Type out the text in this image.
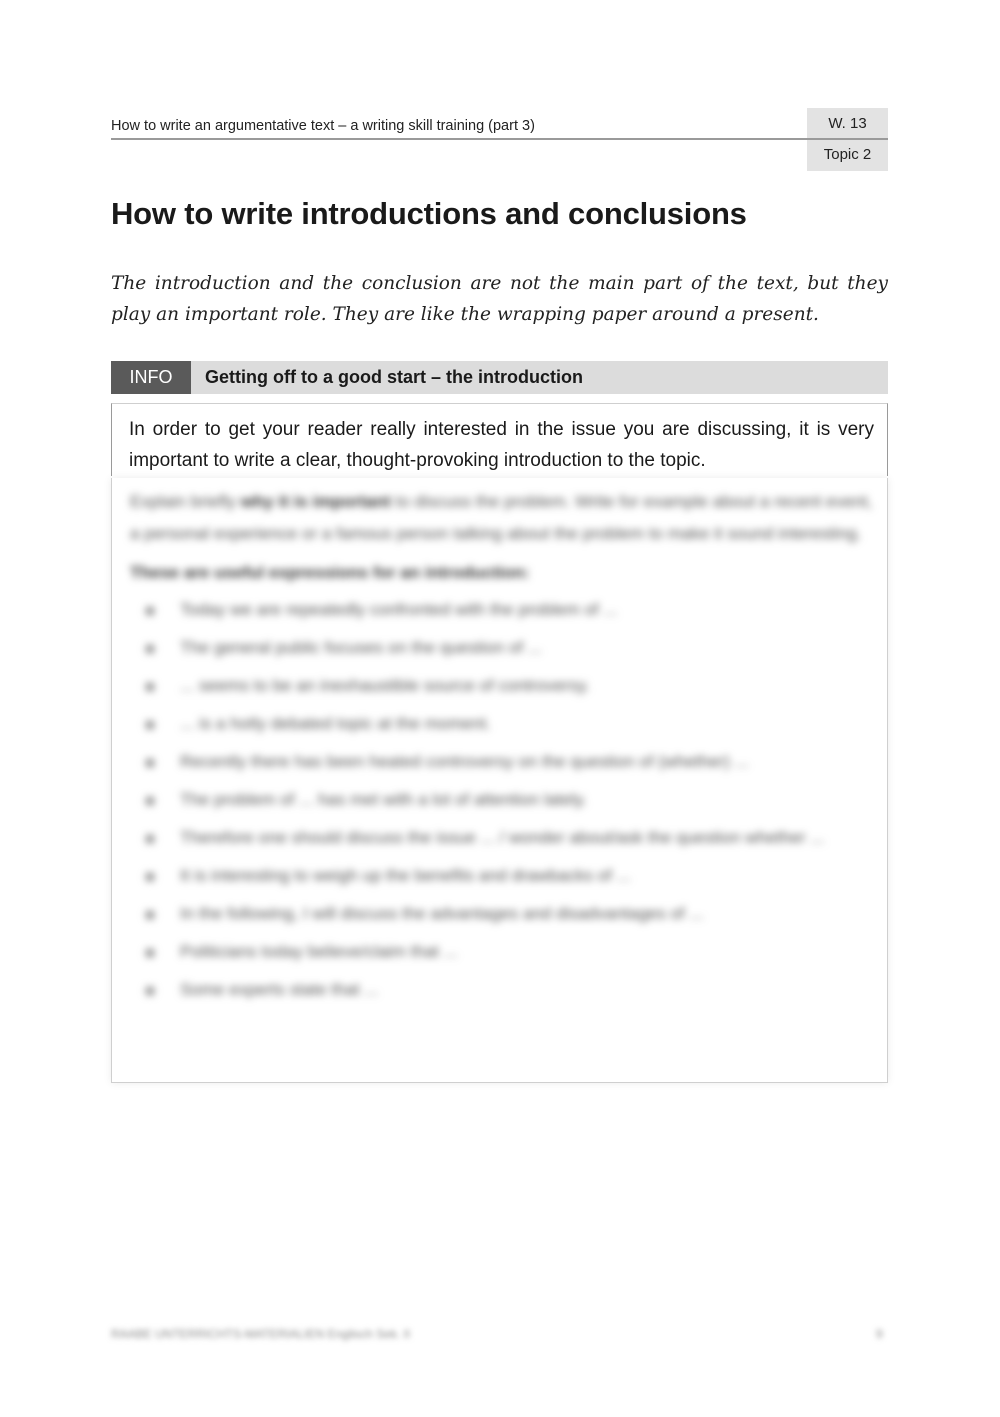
How to write an argumentative text – a writing skill training (part 3)	W. 13
Topic 2
How to write introductions and conclusions

The introduction and the conclusion are not the main part of the text, but they play an important role. They are like the wrapping paper around a present.

INFO	Getting off to a good start – the introduction

In order to get your reader really interested in the issue you are discussing, it is very important to write a clear, thought-provoking introduction to the topic.

Explain briefly why it is important to discuss the problem. Write for example about a recent event, a personal experience or a famous person talking about the problem to make it sound interesting.

These are useful expressions for an introduction:

Today we are repeatedly confronted with the problem of ...
The general public focuses on the question of ...
... seems to be an inexhaustible source of controversy.
... is a hotly debated topic at the moment.
Recently there has been heated controversy on the question of (whether) ...
The problem of ... has met with a lot of attention lately.
Therefore one should discuss the issue ... / wonder about/ask the question whether ...
It is interesting to weigh up the benefits and drawbacks of ...
In the following, I will discuss the advantages and disadvantages of ...
Politicians today believe/claim that ...
Some experts state that ...
RAABE UNTERRICHTS-MATERIALIEN Englisch Sek. II	9
